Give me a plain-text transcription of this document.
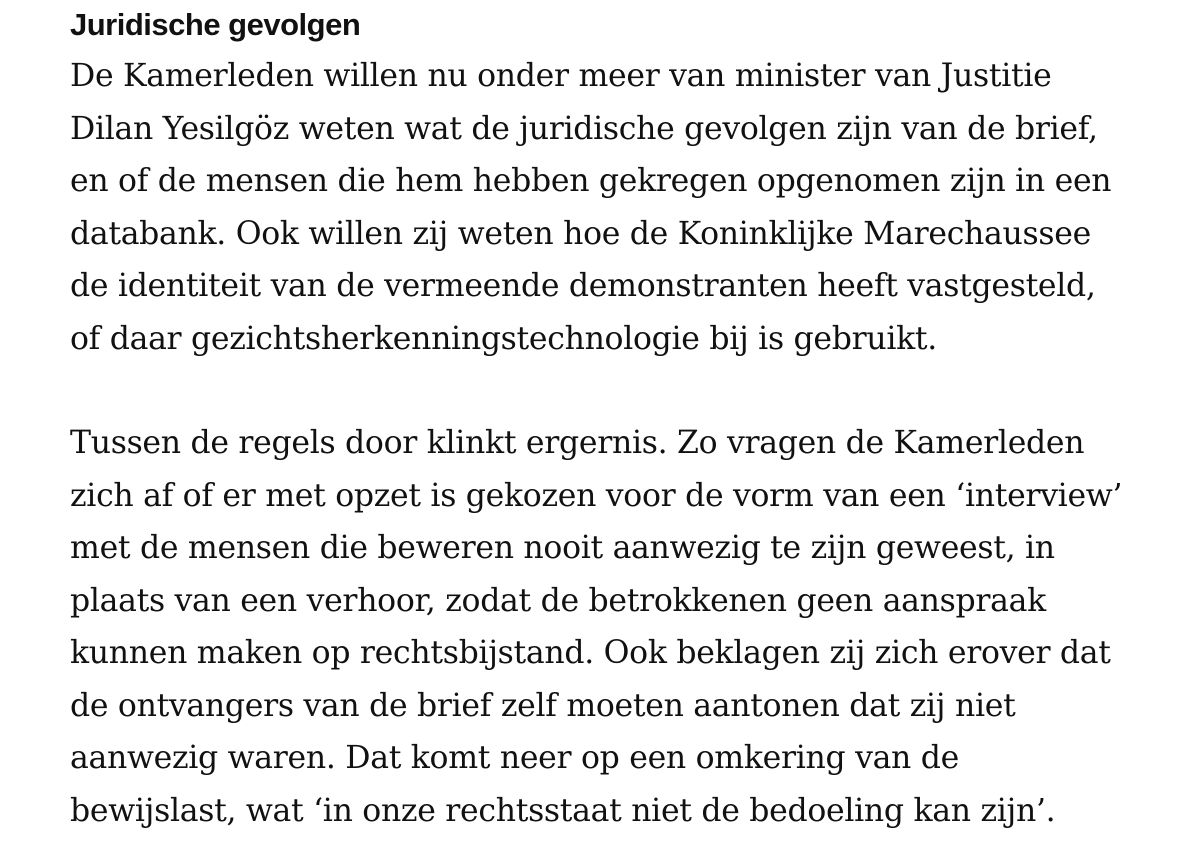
Juridische gevolgen

De Kamerleden willen nu onder meer van minister van Justitie
Dilan Yesilgöz weten wat de juridische gevolgen zijn van de brief,
en of de mensen die hem hebben gekregen opgenomen zijn in een
databank. Ook willen zij weten hoe de Koninklijke Marechaussee
de identiteit van de vermeende demonstranten heeft vastgesteld,
of daar gezichtsherkenningstechnologie bij is gebruikt.

Tussen de regels door klinkt ergernis. Zo vragen de Kamerleden
zich af of er met opzet is gekozen voor de vorm van een ‘interview’
met de mensen die beweren nooit aanwezig te zijn geweest, in
plaats van een verhoor, zodat de betrokkenen geen aanspraak
kunnen maken op rechtsbijstand. Ook beklagen zij zich erover dat
de ontvangers van de brief zelf moeten aantonen dat zij niet
aanwezig waren. Dat komt neer op een omkering van de
bewijslast, wat ‘in onze rechtsstaat niet de bedoeling kan zijn’.
